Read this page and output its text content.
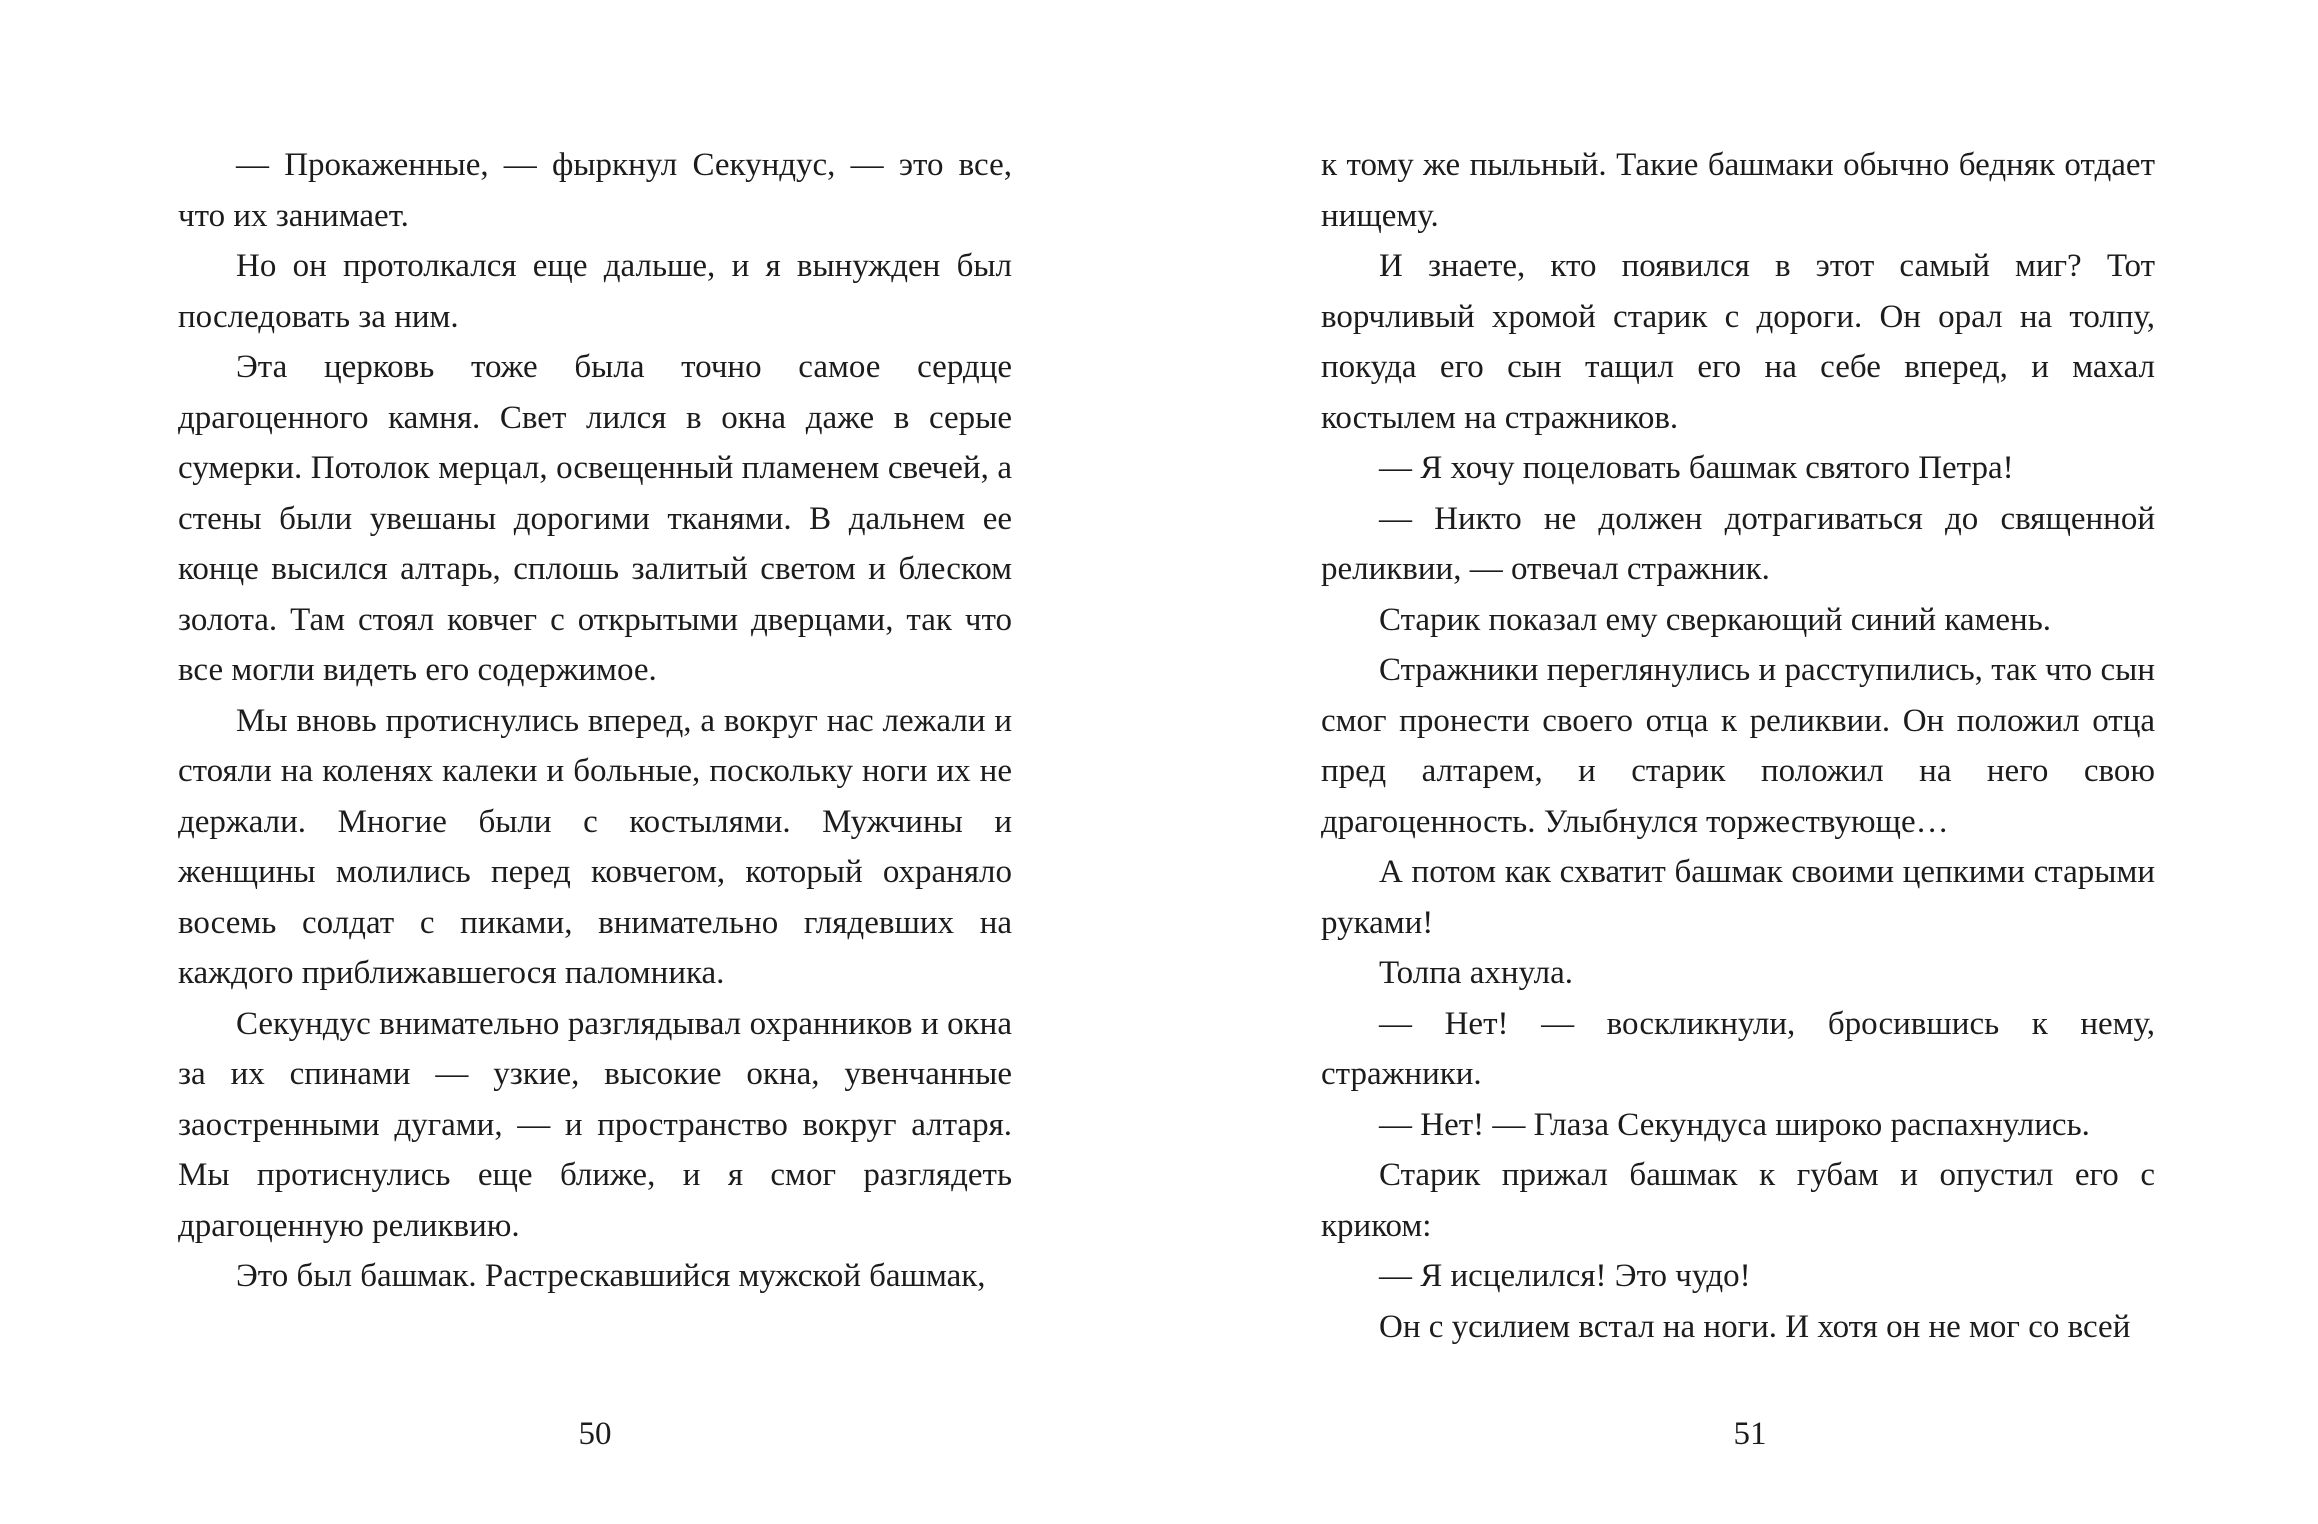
— Прокаженные, — фыркнул Секундус, — это все, что их занимает.

Но он протолкался еще дальше, и я вынужден был последовать за ним.

Эта церковь тоже была точно самое сердце драгоценного камня. Свет лился в окна даже в серые сумерки. Потолок мерцал, освещенный пламенем свечей, а стены были увешаны дорогими тканями. В дальнем ее конце высился алтарь, сплошь залитый светом и блеском золота. Там стоял ковчег с открытыми дверцами, так что все могли видеть его содержимое.

Мы вновь протиснулись вперед, а вокруг нас лежали и стояли на коленях калеки и больные, поскольку ноги их не держали. Многие были с костылями. Мужчины и женщины молились перед ковчегом, который охраняло восемь солдат с пиками, внимательно глядевших на каждого приближавшегося паломника.

Секундус внимательно разглядывал охранников и окна за их спинами — узкие, высокие окна, увенчанные заостренными дугами, — и пространство вокруг алтаря. Мы протиснулись еще ближе, и я смог разглядеть драгоценную реликвию.

Это был башмак. Растрескавшийся мужской башмак,

50

к тому же пыльный. Такие башмаки обычно бедняк отдает нищему.

И знаете, кто появился в этот самый миг? Тот ворчливый хромой старик с дороги. Он орал на толпу, покуда его сын тащил его на себе вперед, и махал костылем на стражников.

— Я хочу поцеловать башмак святого Петра!

— Никто не должен дотрагиваться до священной реликвии, — отвечал стражник.

Старик показал ему сверкающий синий камень.

Стражники переглянулись и расступились, так что сын смог пронести своего отца к реликвии. Он положил отца пред алтарем, и старик положил на него свою драгоценность. Улыбнулся торжествующе…

А потом как схватит башмак своими цепкими старыми руками!

Толпа ахнула.

— Нет! — воскликнули, бросившись к нему, стражники.

— Нет! — Глаза Секундуса широко распахнулись.

Старик прижал башмак к губам и опустил его с криком:

— Я исцелился! Это чудо!

Он с усилием встал на ноги. И хотя он не мог со всей

51
